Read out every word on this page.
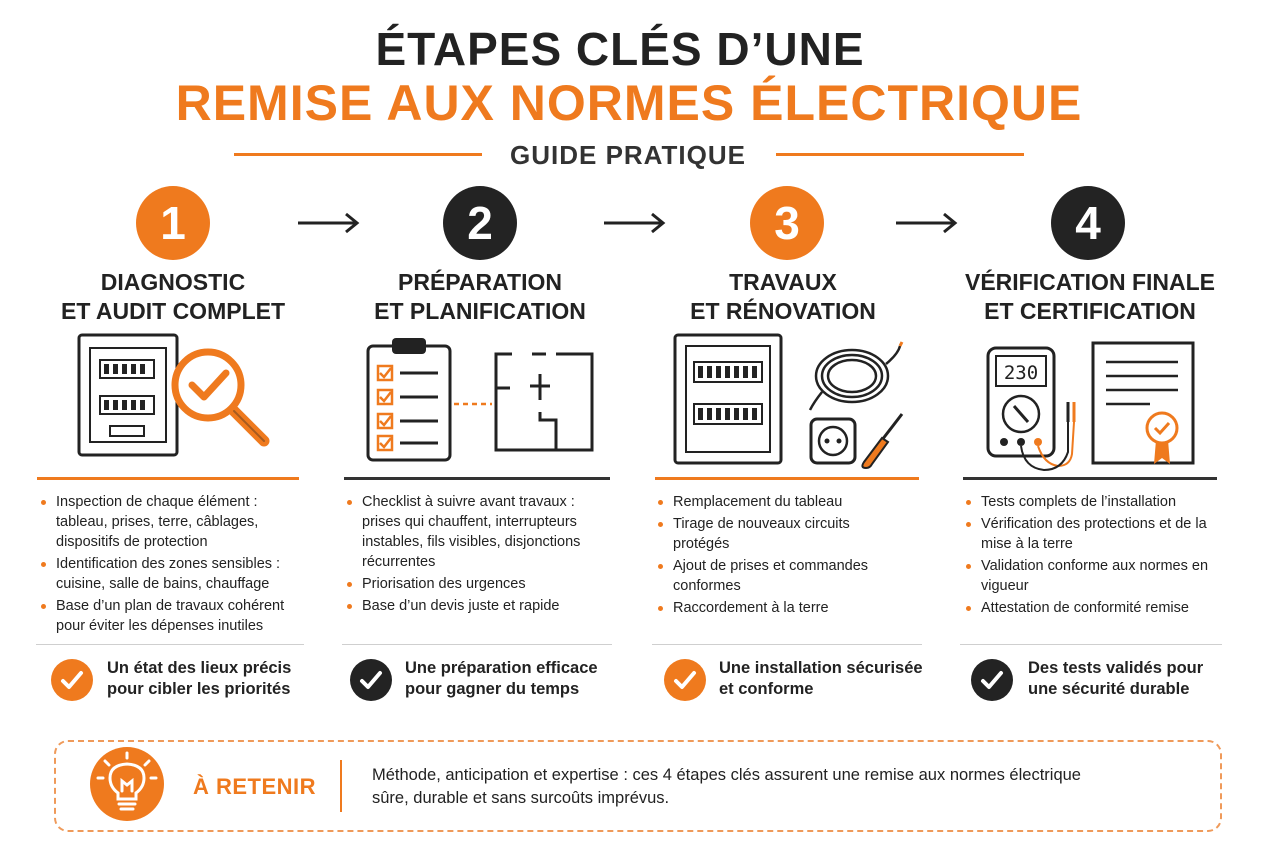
ÉTAPES CLÉS D’UNE
REMISE AUX NORMES ÉLECTRIQUE
GUIDE PRATIQUE
1	2	3	4
DIAGNOSTIC
ET AUDIT COMPLET
PRÉPARATION
ET PLANIFICATION
TRAVAUX
ET RÉNOVATION
VÉRIFICATION FINALE
ET CERTIFICATION
230
Inspection de chaque élément : tableau, prises, terre, câblages, dispositifs de protection
Identification des zones sensibles : cuisine, salle de bains, chauffage
Base d’un plan de travaux cohérent pour éviter les dépenses inutiles
Checklist à suivre avant travaux : prises qui chauffent, interrupteurs instables, fils visibles, disjonctions récurrentes
Priorisation des urgences
Base d’un devis juste et rapide
Remplacement du tableau
Tirage de nouveaux circuits protégés
Ajout de prises et commandes conformes
Raccordement à la terre
Tests complets de l’installation
Vérification des protections et de la mise à la terre
Validation conforme aux normes en vigueur
Attestation de conformité remise
Un état des lieux précis
pour cibler les priorités
Une préparation efficace
pour gagner du temps
Une installation sécurisée
et conforme
Des tests validés pour
une sécurité durable
À RETENIR	Méthode, anticipation et expertise : ces 4 étapes clés assurent une remise aux normes électrique
sûre, durable et sans surcoûts imprévus.
